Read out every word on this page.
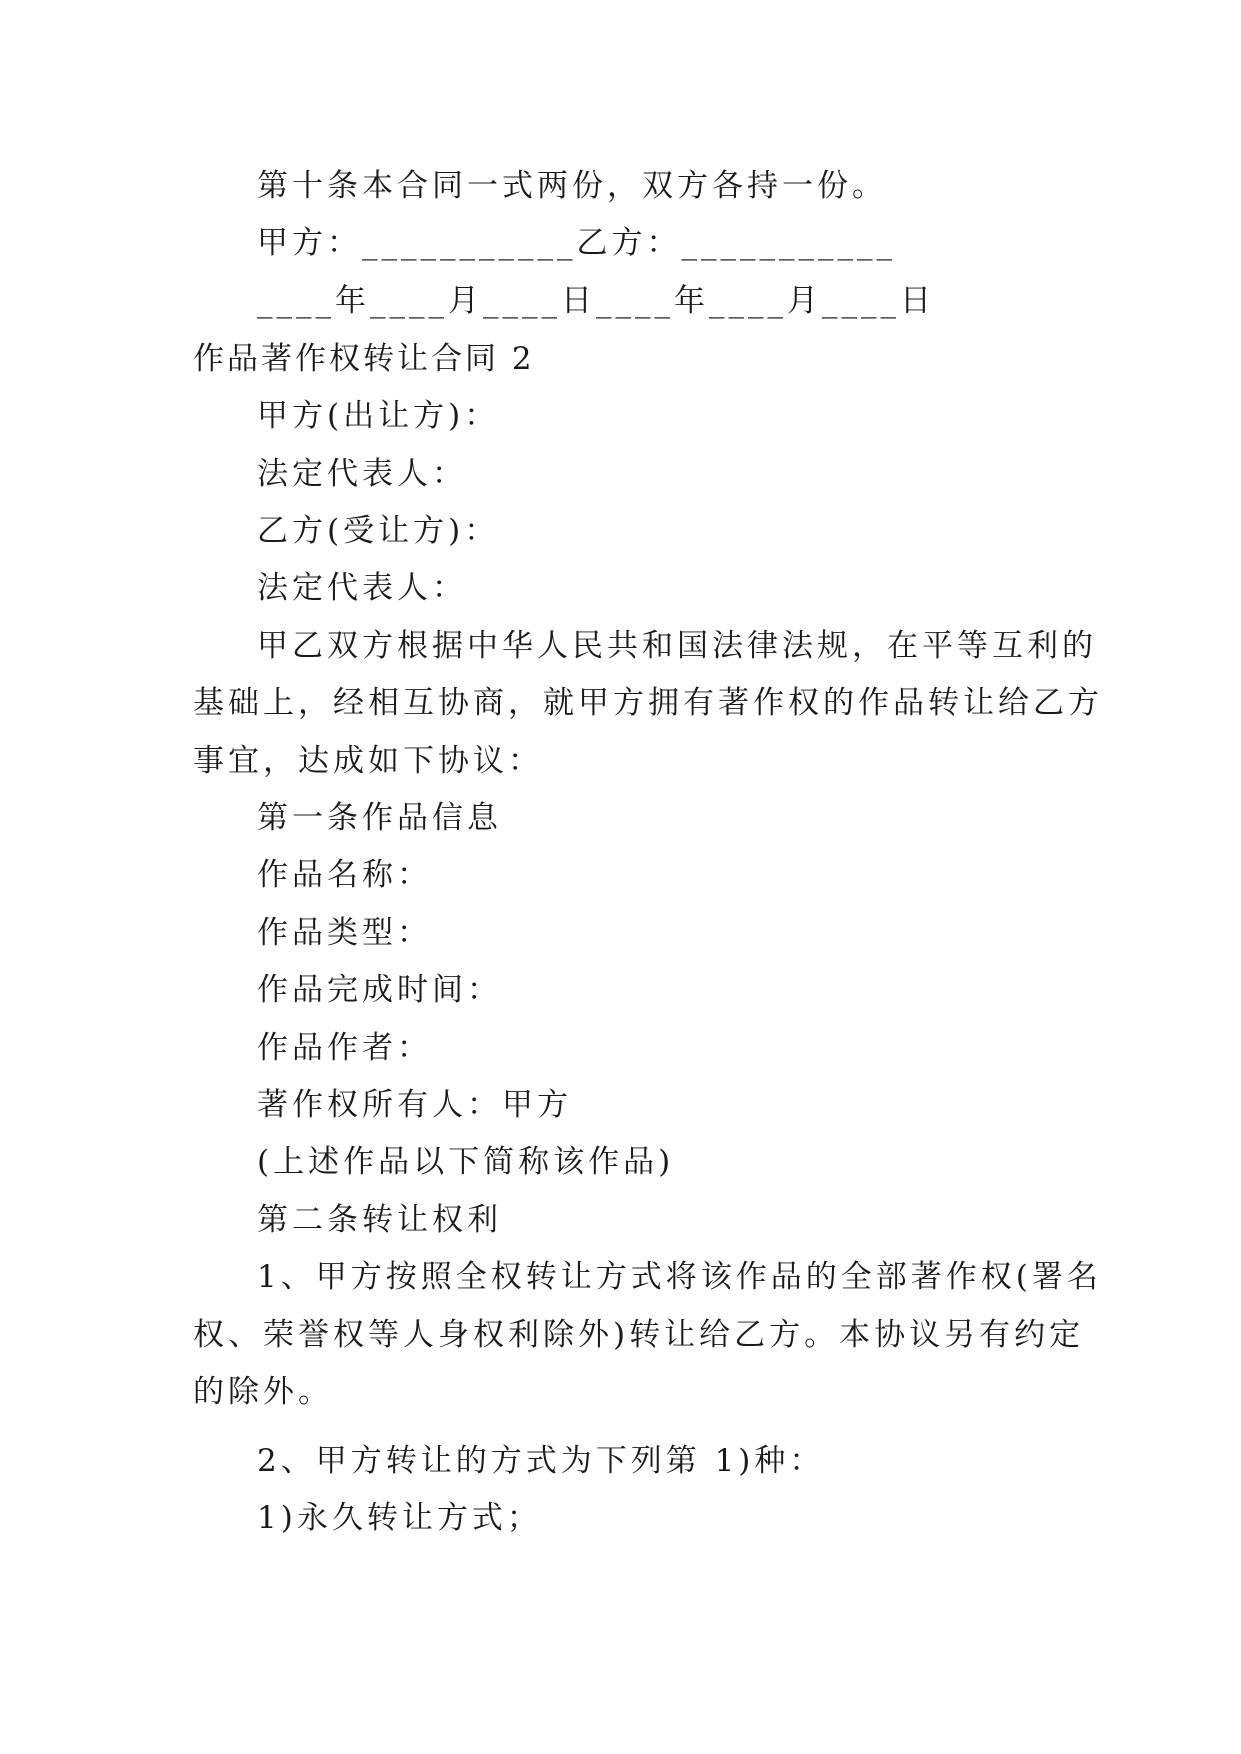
第十条本合同一式两份，双方各持一份。
甲方：___________乙方：___________
____年____月____日____年____月____日
作品著作权转让合同 2
甲方(出让方)：
法定代表人：
乙方(受让方)：
法定代表人：
甲乙双方根据中华人民共和国法律法规，在平等互利的
基础上，经相互协商，就甲方拥有著作权的作品转让给乙方
事宜，达成如下协议：
第一条作品信息
作品名称：
作品类型：
作品完成时间：
作品作者：
著作权所有人：甲方
(上述作品以下简称该作品)
第二条转让权利
1、甲方按照全权转让方式将该作品的全部著作权(署名
权、荣誉权等人身权利除外)转让给乙方。本协议另有约定
的除外。
2、甲方转让的方式为下列第 1)种：
1)永久转让方式；
